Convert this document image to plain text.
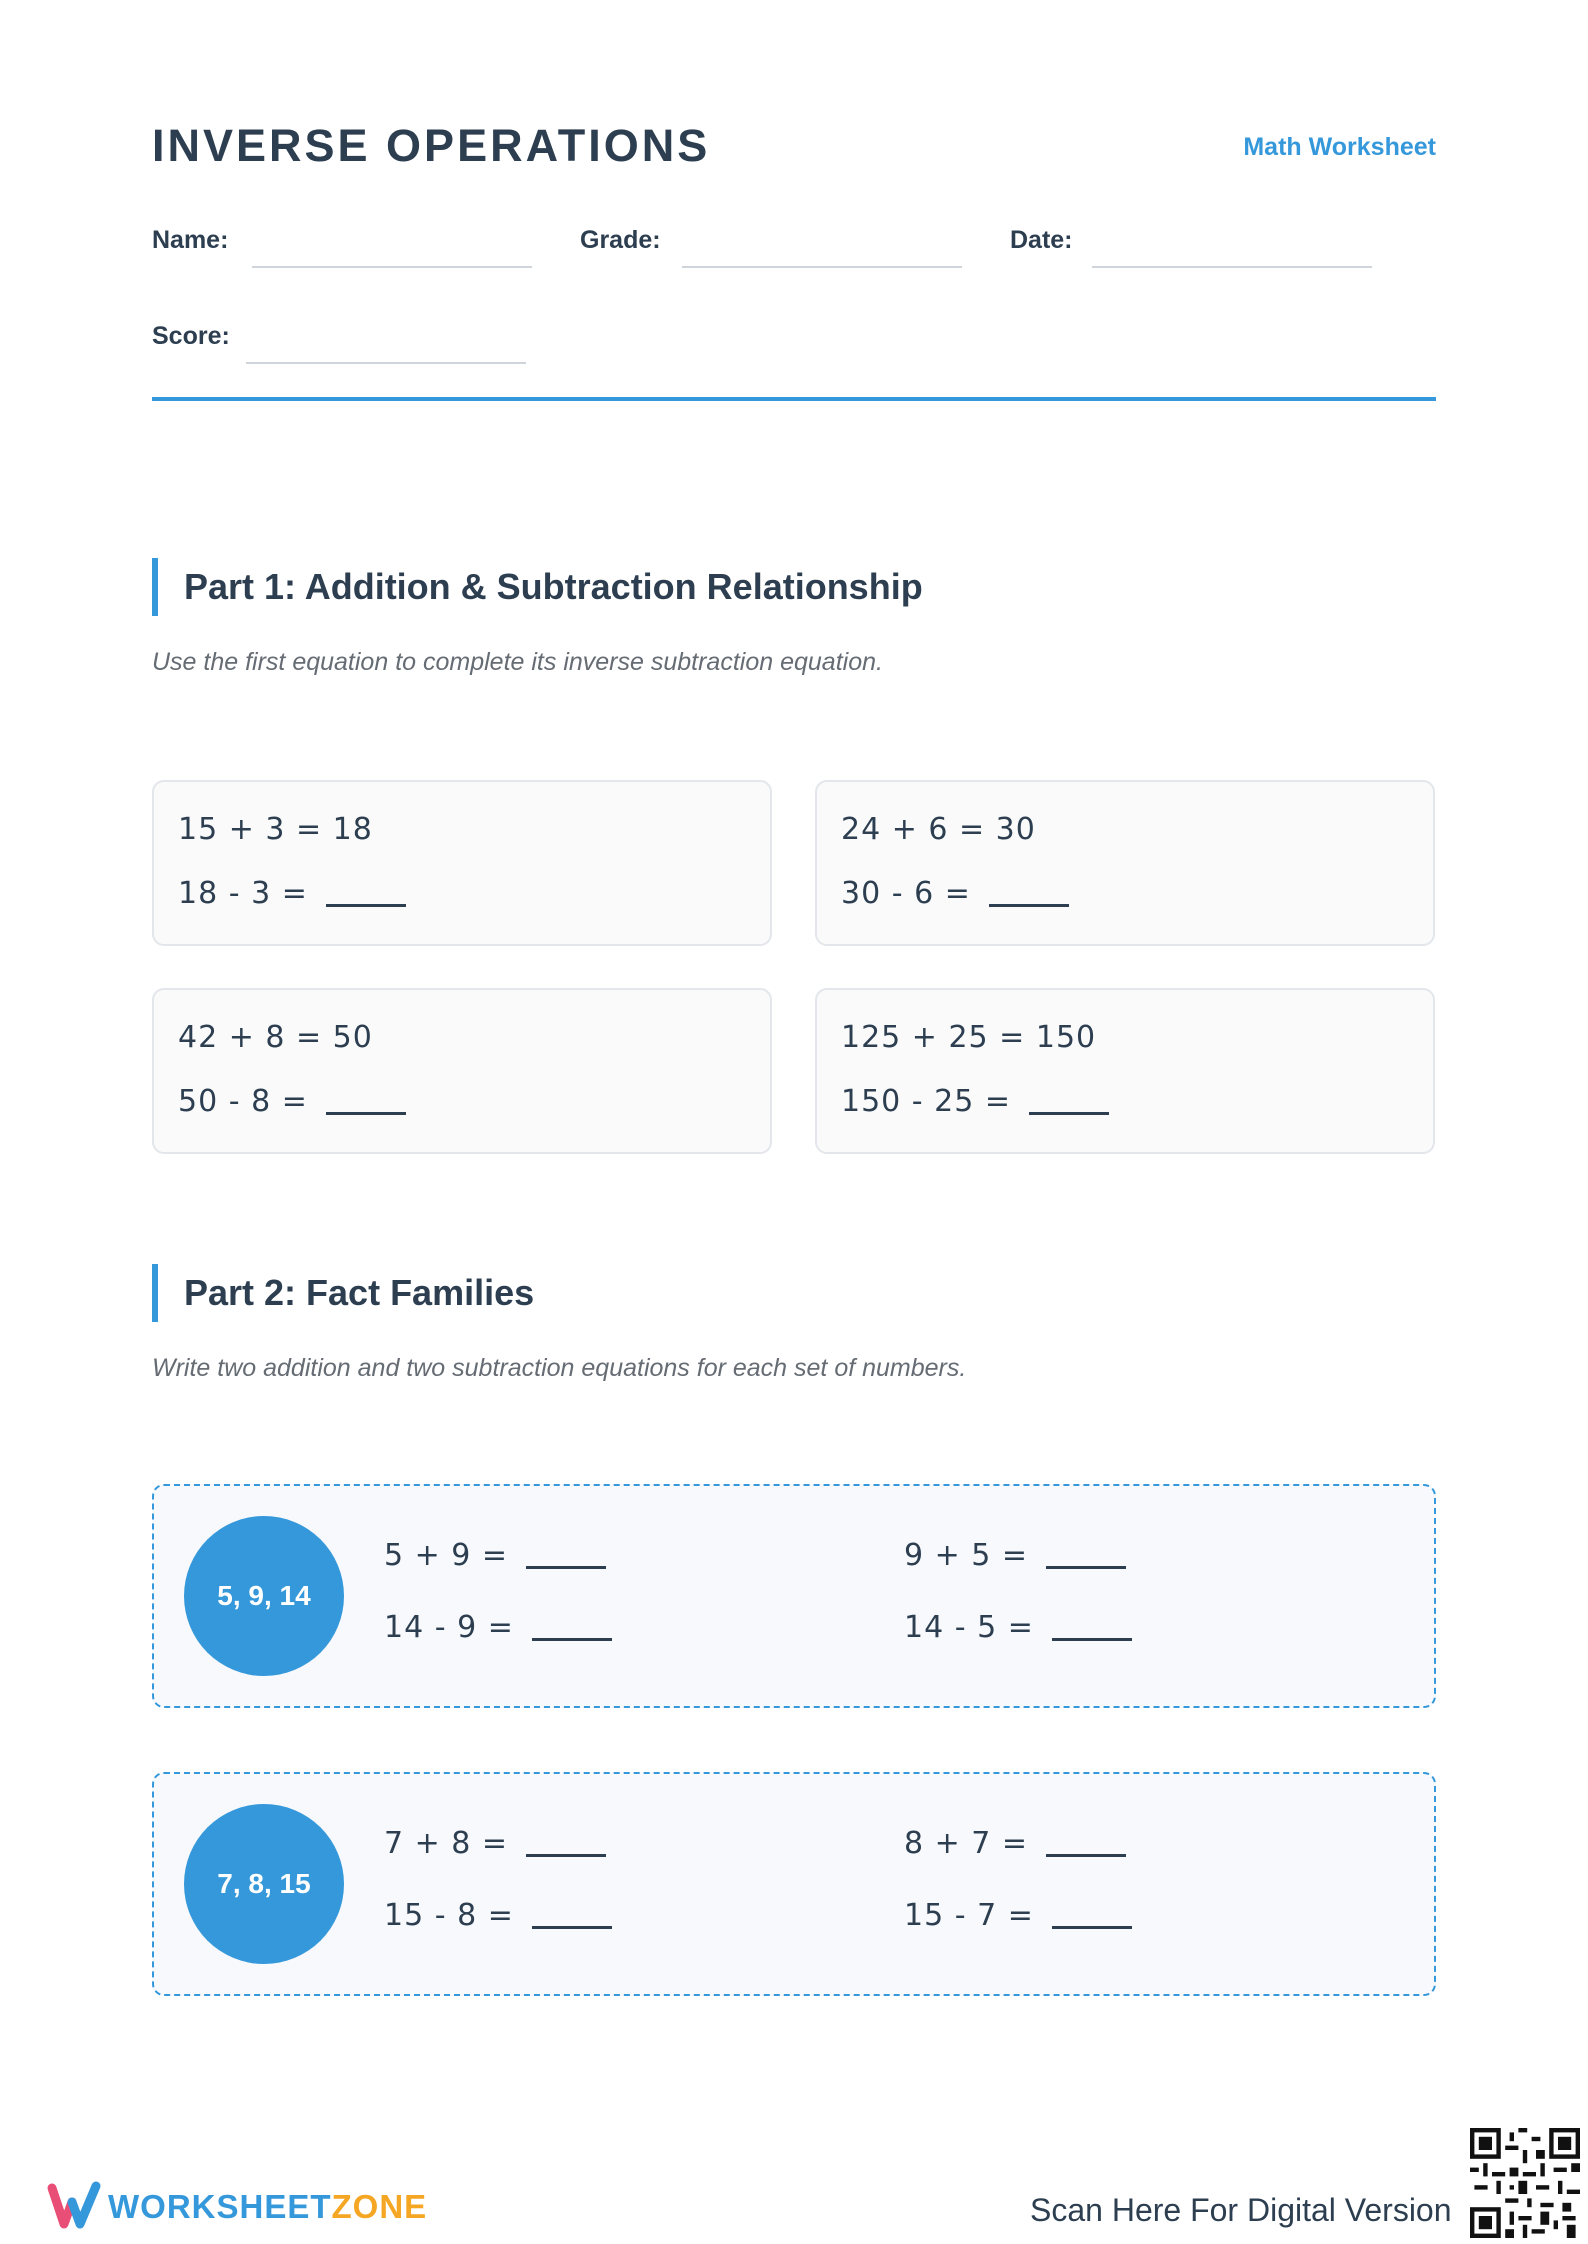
INVERSE OPERATIONS	Math Worksheet
Name:	Grade:	Date:
Score:
Part 1: Addition & Subtraction Relationship
Use the first equation to complete its inverse subtraction equation.
15 + 3 = 18
18 - 3 =
24 + 6 = 30
30 - 6 =
42 + 8 = 50
50 - 8 =
125 + 25 = 150
150 - 25 =
Part 2: Fact Families
Write two addition and two subtraction equations for each set of numbers.
5, 9, 14
5 + 9 =	9 + 5 =
14 - 9 =	14 - 5 =
7, 8, 15
7 + 8 =	8 + 7 =
15 - 8 =	15 - 7 =
WORKSHEETZONE	Scan Here For Digital Version
